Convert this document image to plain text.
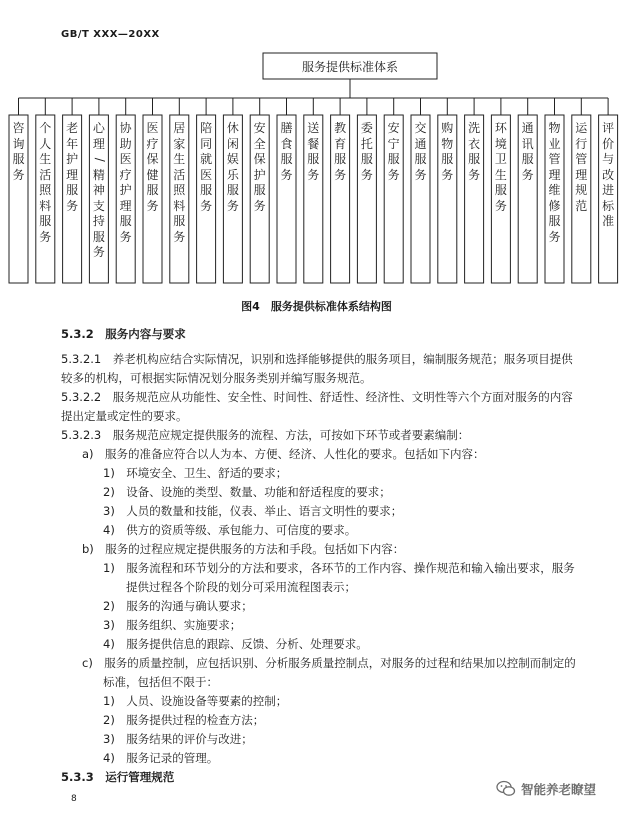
GB/T XXX—20XX
服务提供标准体系
咨
询
服
务
个
人
生
活
照
料
服
务
老
年
护
理
服
务
心
理
/
精
神
支
持
服
务
协
助
医
疗
护
理
服
务
医
疗
保
健
服
务
居
家
生
活
照
料
服
务
陪
同
就
医
服
务
休
闲
娱
乐
服
务
安
全
保
护
服
务
膳
食
服
务
送
餐
服
务
教
育
服
务
委
托
服
务
安
宁
服
务
交
通
服
务
购
物
服
务
洗
衣
服
务
环
境
卫
生
服
务
通
讯
服
务
物
业
管
理
维
修
服
务
运
行
管
理
规
范
评
价
与
改
进
标
准
图4　服务提供标准体系结构图
5.3.2　服务内容与要求
5.3.2.1　养老机构应结合实际情况，识别和选择能够提供的服务项目，编制服务规范；服务项目提供
较多的机构，可根据实际情况划分服务类别并编写服务规范。
5.3.2.2　服务规范应从功能性、安全性、时间性、舒适性、经济性、文明性等六个方面对服务的内容
提出定量或定性的要求。
5.3.2.3　服务规范应规定提供服务的流程、方法，可按如下环节或者要素编制：
a)　服务的准备应符合以人为本、方便、经济、人性化的要求。包括如下内容：
1)　环境安全、卫生、舒适的要求；
2)　设备、设施的类型、数量、功能和舒适程度的要求；
3)　人员的数量和技能，仪表、举止、语言文明性的要求；
4)　供方的资质等级、承包能力、可信度的要求。
b)　服务的过程应规定提供服务的方法和手段。包括如下内容：
1)　服务流程和环节划分的方法和要求，各环节的工作内容、操作规范和输入输出要求，服务
提供过程各个阶段的划分可采用流程图表示；
2)　服务的沟通与确认要求；
3)　服务组织、实施要求；
4)　服务提供信息的跟踪、反馈、分析、处理要求。
c)　服务的质量控制，应包括识别、分析服务质量控制点，对服务的过程和结果加以控制而制定的
标准，包括但不限于：
1)　人员、设施设备等要素的控制；
2)　服务提供过程的检查方法；
3)　服务结果的评价与改进；
4)　服务记录的管理。
5.3.3　运行管理规范
8
智能养老瞭望
